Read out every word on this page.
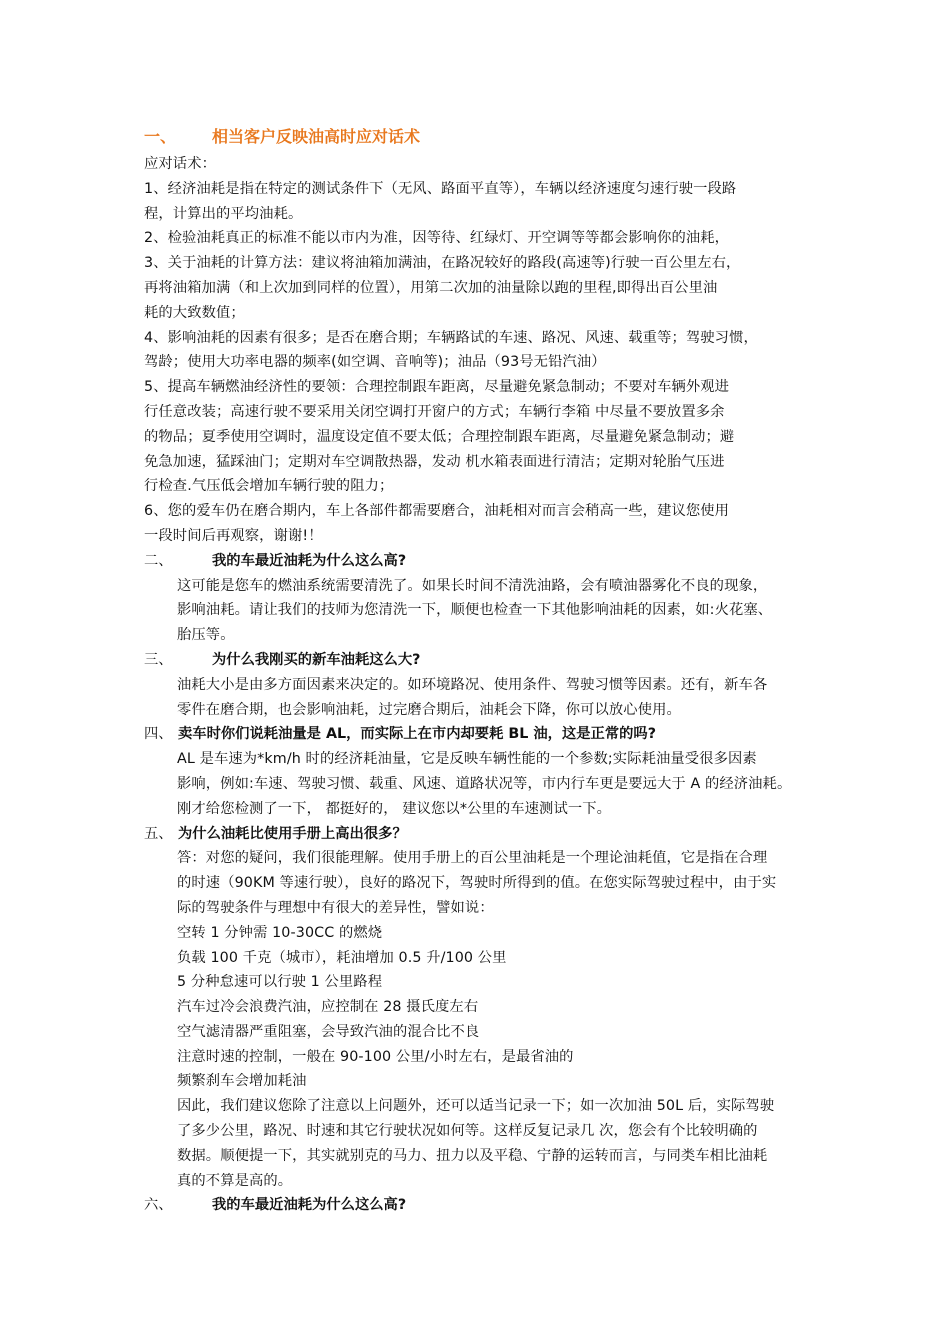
一、 相当客户反映油高时应对话术
应对话术：
1、经济油耗是指在特定的测试条件下（无风、路面平直等），车辆以经济速度匀速行驶一段路
程，计算出的平均油耗。
2、检验油耗真正的标准不能以市内为准，因等待、红绿灯、开空调等等都会影响你的油耗，
3、关于油耗的计算方法：建议将油箱加满油，在路况较好的路段(高速等)行驶一百公里左右，
再将油箱加满（和上次加到同样的位置），用第二次加的油量除以跑的里程,即得出百公里油
耗的大致数值；
4、影响油耗的因素有很多；是否在磨合期；车辆路试的车速、路况、风速、载重等；驾驶习惯，
驾龄；使用大功率电器的频率(如空调、音响等)；油品（93号无铅汽油）
5、提高车辆燃油经济性的要领：合理控制跟车距离，尽量避免紧急制动；不要对车辆外观进
行任意改装；高速行驶不要采用关闭空调打开窗户的方式；车辆行李箱 中尽量不要放置多余
的物品；夏季使用空调时，温度设定值不要太低；合理控制跟车距离，尽量避免紧急制动；避
免急加速，猛踩油门；定期对车空调散热器，发动 机水箱表面进行清洁；定期对轮胎气压进
行检查.气压低会增加车辆行驶的阻力；
6、您的爱车仍在磨合期内，车上各部件都需要磨合，油耗相对而言会稍高一些，建议您使用
一段时间后再观察，谢谢!！
二、	我的车最近油耗为什么这么高?
这可能是您车的燃油系统需要清洗了。如果长时间不清洗油路，会有喷油器雾化不良的现象，
影响油耗。请让我们的技师为您清洗一下，顺便也检查一下其他影响油耗的因素，如:火花塞、
胎压等。
三、	为什么我刚买的新车油耗这么大?
油耗大小是由多方面因素来决定的。如环境路况、使用条件、驾驶习惯等因素。还有，新车各
零件在磨合期，也会影响油耗，过完磨合期后，油耗会下降，你可以放心使用。
四、 卖车时你们说耗油量是 AL，而实际上在市内却要耗 BL 油，这是正常的吗?
AL 是车速为*km/h 时的经济耗油量，它是反映车辆性能的一个参数;实际耗油量受很多因素
影响，例如:车速、驾驶习惯、载重、风速、道路状况等，市内行车更是要远大于 A 的经济油耗。
刚才给您检测了一下， 都挺好的， 建议您以*公里的车速测试一下。
五、 为什么油耗比使用手册上高出很多？
答：对您的疑问，我们很能理解。使用手册上的百公里油耗是一个理论油耗值，它是指在合理
的时速（90KM 等速行驶），良好的路况下，驾驶时所得到的值。在您实际驾驶过程中，由于实
际的驾驶条件与理想中有很大的差异性，譬如说：
空转 1 分钟需 10-30CC 的燃烧
负载 100 千克（城市），耗油增加 0.5 升/100 公里
5 分种怠速可以行驶 1 公里路程
汽车过冷会浪费汽油，应控制在 28 摄氏度左右
空气滤清器严重阻塞，会导致汽油的混合比不良
注意时速的控制，一般在 90-100 公里/小时左右，是最省油的
频繁刹车会增加耗油
因此，我们建议您除了注意以上问题外，还可以适当记录一下；如一次加油 50L 后，实际驾驶
了多少公里，路况、时速和其它行驶状况如何等。这样反复记录几 次，您会有个比较明确的
数据。顺便提一下，其实就别克的马力、扭力以及平稳、宁静的运转而言，与同类车相比油耗
真的不算是高的。
六、	我的车最近油耗为什么这么高?
